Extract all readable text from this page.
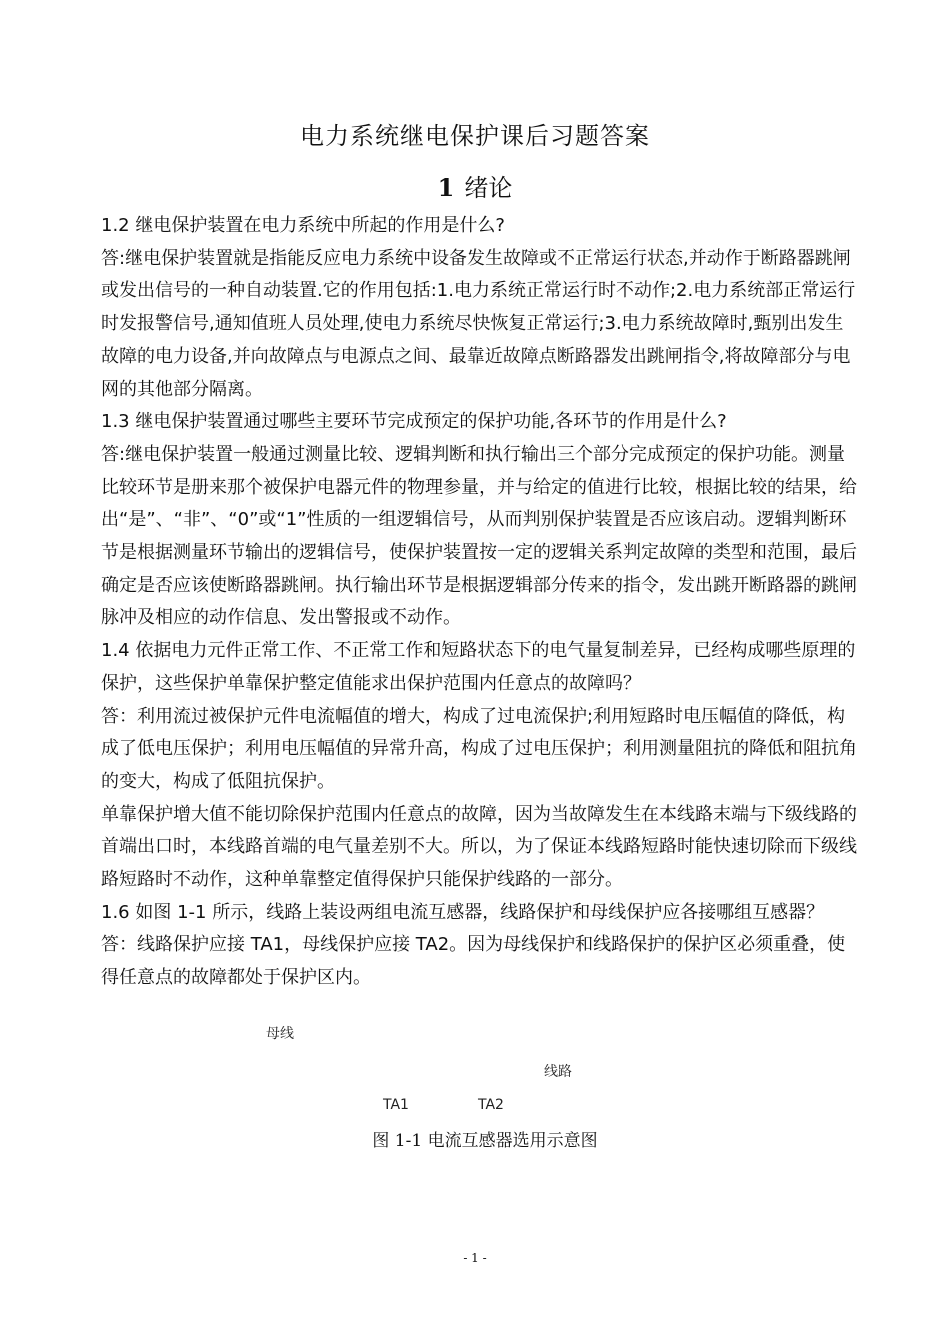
电力系统继电保护课后习题答案
1 绪论

1.2 继电保护装置在电力系统中所起的作用是什么?

答:继电保护装置就是指能反应电力系统中设备发生故障或不正常运行状态,并动作于断路器跳闸或发出信号的一种自动装置.它的作用包括:1.电力系统正常运行时不动作;2.电力系统部正常运行时发报警信号,通知值班人员处理,使电力系统尽快恢复正常运行;3.电力系统故障时,甄别出发生故障的电力设备,并向故障点与电源点之间、最靠近故障点断路器发出跳闸指令,将故障部分与电网的其他部分隔离。

1.3 继电保护装置通过哪些主要环节完成预定的保护功能,各环节的作用是什么?

答:继电保护装置一般通过测量比较、逻辑判断和执行输出三个部分完成预定的保护功能。测量比较环节是册来那个被保护电器元件的物理参量，并与给定的值进行比较，根据比较的结果，给出“是”、“非”、“0”或“1”性质的一组逻辑信号，从而判别保护装置是否应该启动。逻辑判断环节是根据测量环节输出的逻辑信号，使保护装置按一定的逻辑关系判定故障的类型和范围，最后确定是否应该使断路器跳闸。执行输出环节是根据逻辑部分传来的指令，发出跳开断路器的跳闸脉冲及相应的动作信息、发出警报或不动作。

1.4 依据电力元件正常工作、不正常工作和短路状态下的电气量复制差异，已经构成哪些原理的保护，这些保护单靠保护整定值能求出保护范围内任意点的故障吗？

答：利用流过被保护元件电流幅值的增大，构成了过电流保护;利用短路时电压幅值的降低，构成了低电压保护；利用电压幅值的异常升高，构成了过电压保护；利用测量阻抗的降低和阻抗角的变大，构成了低阻抗保护。

单靠保护增大值不能切除保护范围内任意点的故障，因为当故障发生在本线路末端与下级线路的首端出口时，本线路首端的电气量差别不大。所以，为了保证本线路短路时能快速切除而下级线路短路时不动作，这种单靠整定值得保护只能保护线路的一部分。

1.6 如图 1-1 所示，线路上装设两组电流互感器，线路保护和母线保护应各接哪组互感器？

答：线路保护应接 TA1，母线保护应接 TA2。因为母线保护和线路保护的保护区必须重叠，使得任意点的故障都处于保护区内。

母线
线路
TA1	TA2
图 1-1 电流互感器选用示意图
- 1 -
